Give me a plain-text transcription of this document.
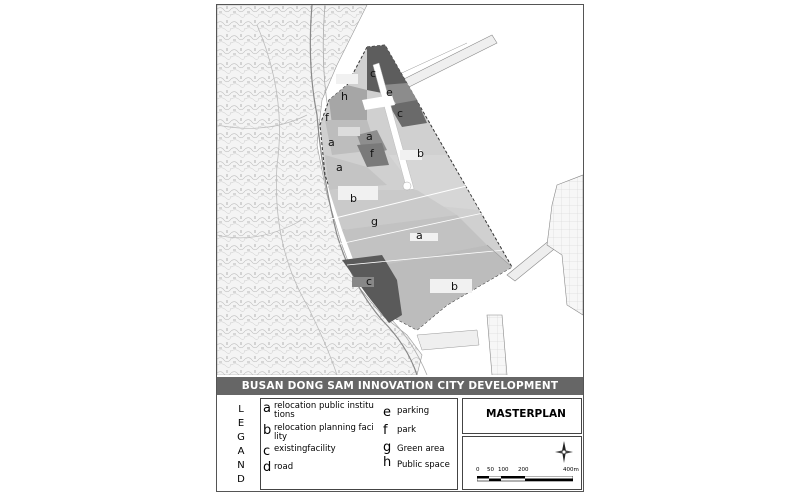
c
h	e
c
f
a
a
f	b
a
b
g
a
c	b
BUSAN DONG SAM INNOVATION CITY DEVELOPMENT
L
E
G
A
N
D
a relocation public institu tions
b relocation planning faci lity
c existingfacility
d road
e parking
f park
g Green area
h Public space
MASTERPLAN
0 50 100 200	400m
